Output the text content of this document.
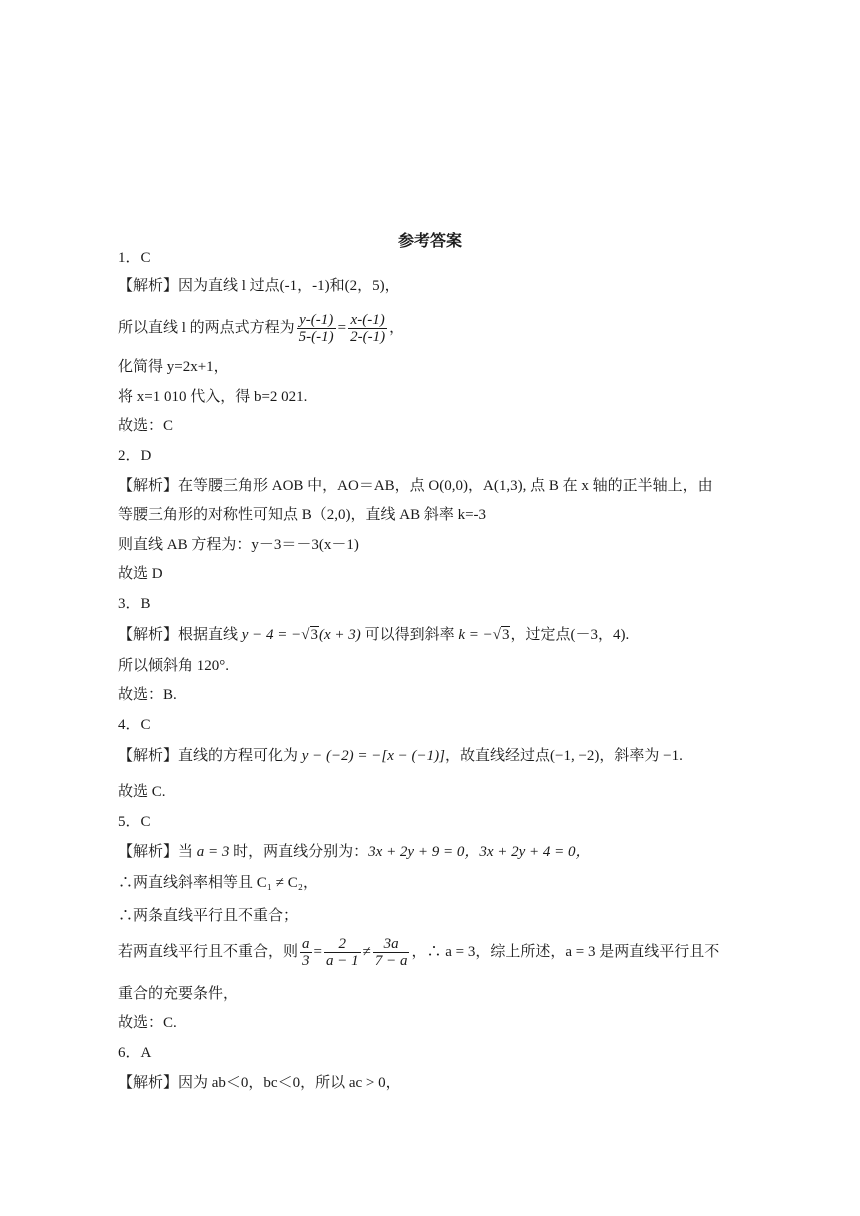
参考答案
1．C
【解析】因为直线 l 过点(-1，-1)和(2，5)，
所以直线 l 的两点式方程为 $\frac{y-(-1)}{5-(-1)} = \frac{x-(-1)}{2-(-1)}$ ，
化简得 y=2x+1，
将 x=1 010 代入，得 b=2 021.
故选：C
2．D
【解析】在等腰三角形 AOB 中，AO＝AB，点 O(0,0)，A(1,3), 点 B 在 x 轴的正半轴上，由
等腰三角形的对称性可知点 B（2,0)，直线 AB 斜率 k=-3
则直线 AB 方程为：y－3＝－3(x－1)
故选 D
3．B
【解析】根据直线 y − 4 = −√3(x + 3) 可以得到斜率 k = −√3，过定点(－3，4).
所以倾斜角 120°.
故选：B.
4．C
【解析】直线的方程可化为 y − (−2) = −[x − (−1)]，故直线经过点(−1, −2)，斜率为 −1.
故选 C.
5．C
【解析】当 a = 3 时，两直线分别为：3x + 2y + 9 = 0，3x + 2y + 4 = 0，
∴两直线斜率相等且 C₁ ≠ C₂，
∴两条直线平行且不重合；
若两直线平行且不重合，则 $\frac{a}{3} = \frac{2}{a - 1} \ne \frac{3a}{7 - a}$ ，∴ a = 3，综上所述，a = 3 是两直线平行且不
重合的充要条件，
故选：C.
6．A
【解析】因为 ab＜0，bc＜0，所以 ac > 0，
